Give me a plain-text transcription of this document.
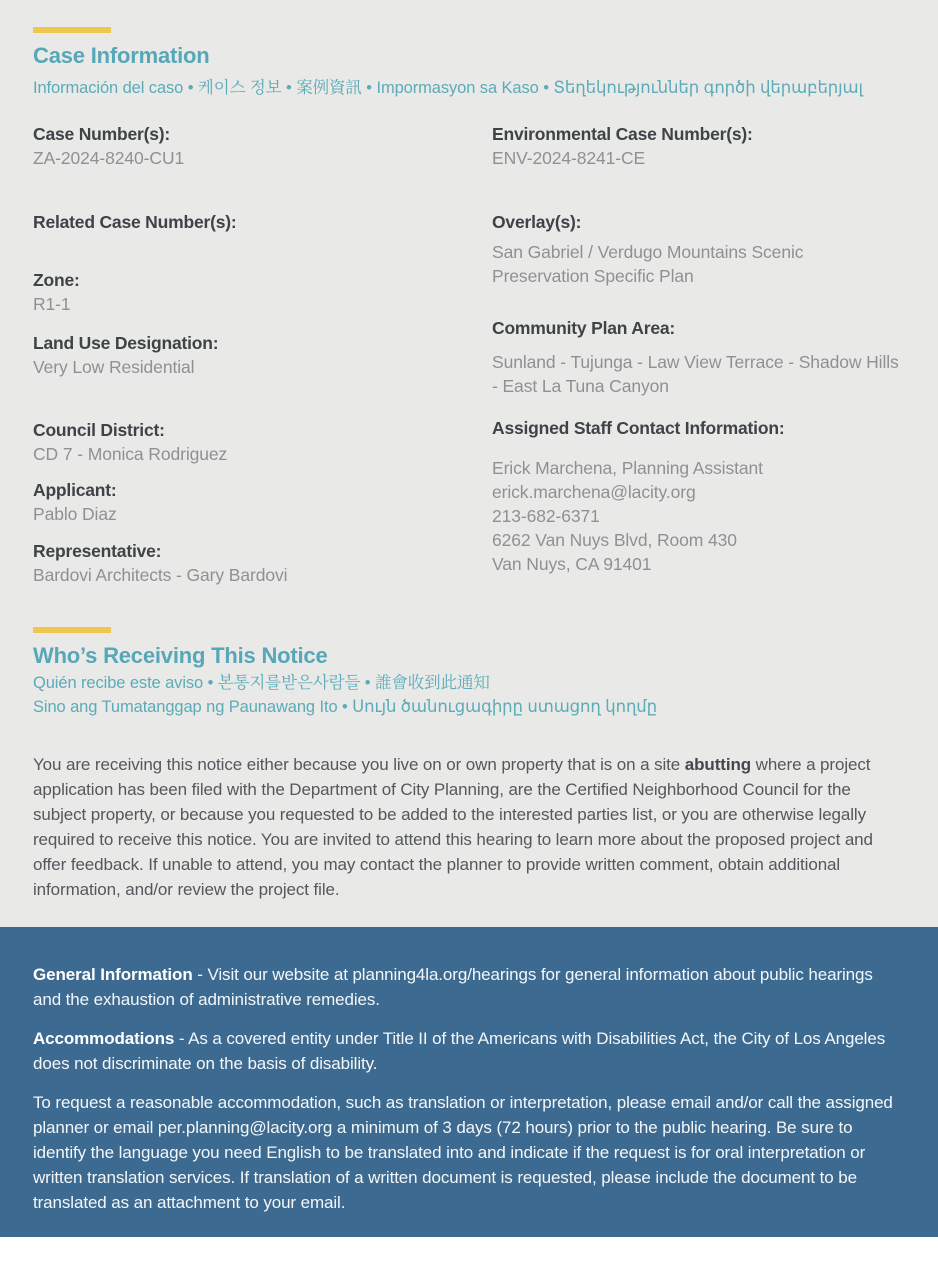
Case Information
Información del caso • 케이스 정보 • 案例資訊 • Impormasyon sa Kaso • Տեղեկություններ գործի վերաբերյալ
Case Number(s):
ZA-2024-8240-CU1
Related Case Number(s):
Zone:
R1-1
Land Use Designation:
Very Low Residential
Council District:
CD 7 - Monica Rodriguez
Applicant:
Pablo Diaz
Representative:
Bardovi Architects - Gary Bardovi
Environmental Case Number(s):
ENV-2024-8241-CE
Overlay(s):
San Gabriel / Verdugo Mountains Scenic Preservation Specific Plan
Community Plan Area:
Sunland - Tujunga - Law View Terrace - Shadow Hills - East La Tuna Canyon
Assigned Staff Contact Information:
Erick Marchena, Planning Assistant
erick.marchena@lacity.org
213-682-6371
6262 Van Nuys Blvd, Room 430
Van Nuys, CA 91401
Who’s Receiving This Notice
Quién recibe este aviso • 본통지를받은사람들 • 誰會收到此通知
Sino ang Tumatanggap ng Paunawang Ito • Սույն ծանուցագիրը ստացող կողմը

You are receiving this notice either because you live on or own property that is on a site abutting where a project application has been filed with the Department of City Planning, are the Certified Neighborhood Council for the subject property, or because you requested to be added to the interested parties list, or you are otherwise legally required to receive this notice. You are invited to attend this hearing to learn more about the proposed project and offer feedback. If unable to attend, you may contact the planner to provide written comment, obtain additional information, and/or review the project file.

General Information - Visit our website at planning4la.org/hearings for general information about public hearings and the exhaustion of administrative remedies.

Accommodations - As a covered entity under Title II of the Americans with Disabilities Act, the City of Los Angeles does not discriminate on the basis of disability.

To request a reasonable accommodation, such as translation or interpretation, please email and/or call the assigned planner or email per.planning@lacity.org a minimum of 3 days (72 hours) prior to the public hearing. Be sure to identify the language you need English to be translated into and indicate if the request is for oral interpretation or written translation services. If translation of a written document is requested, please include the document to be translated as an attachment to your email.
